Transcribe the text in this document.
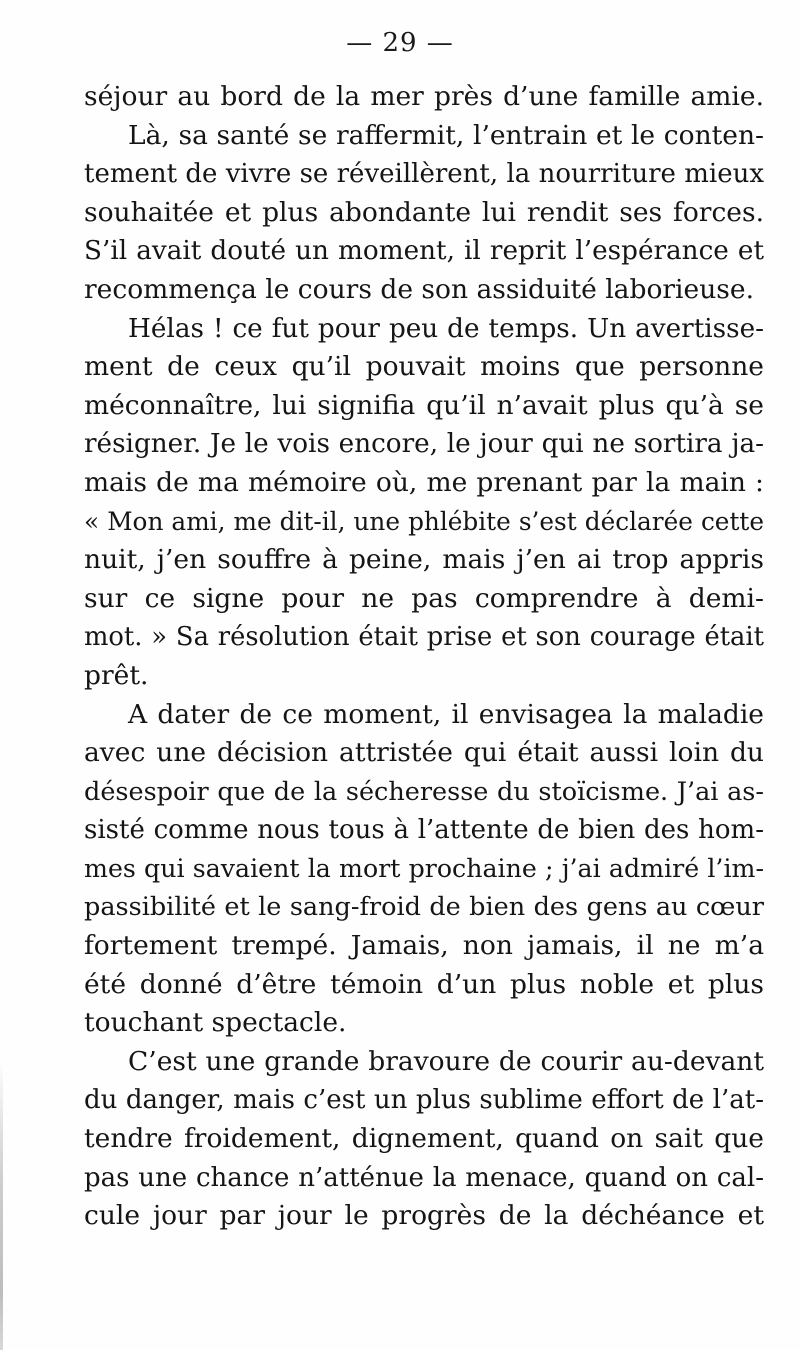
— 29 —
séjour au bord de la mer près d’une famille amie.
Là, sa santé se raffermit, l’entrain et le conten-
tement de vivre se réveillèrent, la nourriture mieux
souhaitée et plus abondante lui rendit ses forces.
S’il avait douté un moment, il reprit l’espérance et
recommença le cours de son assiduité laborieuse.
Hélas ! ce fut pour peu de temps. Un avertisse-
ment de ceux qu’il pouvait moins que personne
méconnaître, lui signifia qu’il n’avait plus qu’à se
résigner. Je le vois encore, le jour qui ne sortira ja-
mais de ma mémoire où, me prenant par la main :
« Mon ami, me dit-il, une phlébite s’est déclarée cette
nuit, j’en souffre à peine, mais j’en ai trop appris
sur ce signe pour ne pas comprendre à demi-
mot. » Sa résolution était prise et son courage était
prêt.
A dater de ce moment, il envisagea la maladie
avec une décision attristée qui était aussi loin du
désespoir que de la sécheresse du stoïcisme. J’ai as-
sisté comme nous tous à l’attente de bien des hom-
mes qui savaient la mort prochaine ; j’ai admiré l’im-
passibilité et le sang-froid de bien des gens au cœur
fortement trempé. Jamais, non jamais, il ne m’a
été donné d’être témoin d’un plus noble et plus
touchant spectacle.
C’est une grande bravoure de courir au-devant
du danger, mais c’est un plus sublime effort de l’at-
tendre froidement, dignement, quand on sait que
pas une chance n’atténue la menace, quand on cal-
cule jour par jour le progrès de la déchéance et
